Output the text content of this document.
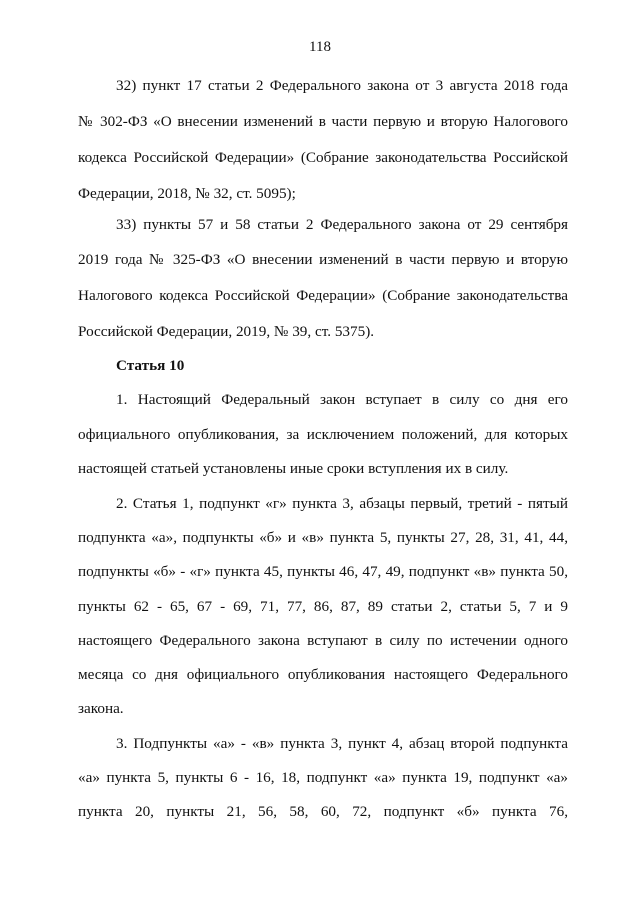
118
32) пункт 17 статьи 2 Федерального закона от 3 августа 2018 года
№ 302-ФЗ «О внесении изменений в части первую и вторую Налогового
кодекса Российской Федерации» (Собрание законодательства Российской
Федерации, 2018, № 32, ст. 5095);
33) пункты 57 и 58 статьи 2 Федерального закона от 29 сентября
2019 года № 325-ФЗ «О внесении изменений в части первую и вторую
Налогового кодекса Российской Федерации» (Собрание законодательства
Российской Федерации, 2019, № 39, ст. 5375).
Статья 10
1. Настоящий Федеральный закон вступает в силу со дня его
официального опубликования, за исключением положений, для которых
настоящей статьей установлены иные сроки вступления их в силу.
2. Статья 1, подпункт «г» пункта 3, абзацы первый, третий - пятый
подпункта «а», подпункты «б» и «в» пункта 5, пункты 27, 28, 31, 41, 44,
подпункты «б» - «г» пункта 45, пункты 46, 47, 49, подпункт «в» пункта 50,
пункты 62 - 65, 67 - 69, 71, 77, 86, 87, 89 статьи 2, статьи 5, 7 и 9
настоящего Федерального закона вступают в силу по истечении одного
месяца со дня официального опубликования настоящего Федерального
закона.
3. Подпункты «а» - «в» пункта 3, пункт 4, абзац второй подпункта
«а» пункта 5, пункты 6 - 16, 18, подпункт «а» пункта 19, подпункт «а»
пункта 20, пункты 21, 56, 58, 60, 72, подпункт «б» пункта 76,
